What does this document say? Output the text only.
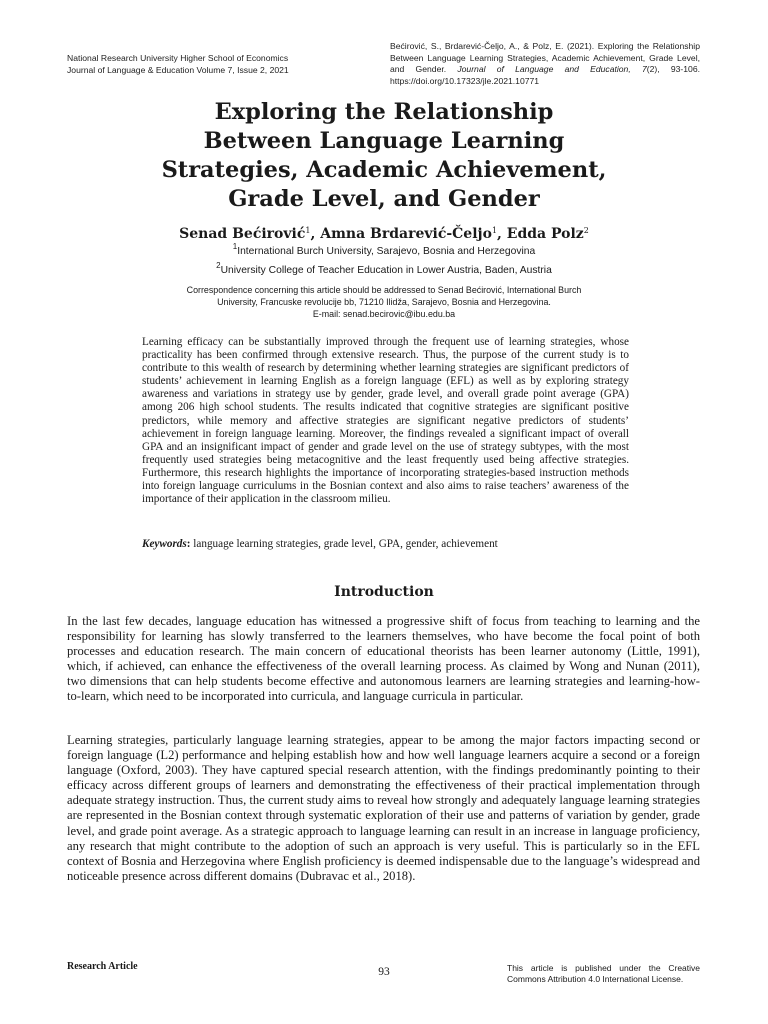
National Research University Higher School of Economics
Journal of Language & Education Volume 7, Issue 2, 2021
Bećirović, S., Brdarević-Čeljo, A., & Polz, E. (2021). Exploring the Relationship Between Language Learning Strategies, Academic Achievement, Grade Level, and Gender. Journal of Language and Education, 7(2), 93-106. https://doi.org/10.17323/jle.2021.10771
Exploring the Relationship
Between Language Learning
Strategies, Academic Achievement,
Grade Level, and Gender
Senad Bećirović$^1$, Amna Brdarević-Čeljo$^1$, Edda Polz$^2$
$^1$International Burch University, Sarajevo, Bosnia and Herzegovina
$^2$University College of Teacher Education in Lower Austria, Baden, Austria
Correspondence concerning this article should be addressed to Senad Bećirović, International Burch
University, Francuske revolucije bb, 71210 Ilidža, Sarajevo, Bosnia and Herzegovina.
E-mail: senad.becirovic@ibu.edu.ba
Learning efficacy can be substantially improved through the frequent use of learning strategies, whose practicality has been confirmed through extensive research. Thus, the purpose of the current study is to contribute to this wealth of research by determining whether learning strategies are significant predictors of students’ achievement in learning English as a foreign language (EFL) as well as by exploring strategy awareness and variations in strategy use by gender, grade level, and overall grade point average (GPA) among 206 high school students. The results indicated that cognitive strategies are significant positive predictors, while memory and affective strategies are significant negative predictors of students’ achievement in foreign language learning. Moreover, the findings revealed a significant impact of overall GPA and an insignificant impact of gender and grade level on the use of strategy subtypes, with the most frequently used strategies being metacognitive and the least frequently used being affective strategies. Furthermore, this research highlights the importance of incorporating strategies-based instruction methods into foreign language curriculums in the Bosnian context and also aims to raise teachers’ awareness of the importance of their application in the classroom milieu.
Keywords: language learning strategies, grade level, GPA, gender, achievement
Introduction

In the last few decades, language education has witnessed a progressive shift of focus from teaching to learning and the responsibility for learning has slowly transferred to the learners themselves, who have become the focal point of both processes and education research. The main concern of educational theorists has been learner autonomy (Little, 1991), which, if achieved, can enhance the effectiveness of the overall learning process. As claimed by Wong and Nunan (2011), two dimensions that can help students become effective and autonomous learners are learning strategies and learning-how-to-learn, which need to be incorporated into curricula, and language curricula in particular.

Learning strategies, particularly language learning strategies, appear to be among the major factors impacting second or foreign language (L2) performance and helping establish how and how well language learners acquire a second or a foreign language (Oxford, 2003). They have captured special research attention, with the findings predominantly pointing to their efficacy across different groups of learners and demonstrating the effectiveness of their practical implementation through adequate strategy instruction. Thus, the current study aims to reveal how strongly and adequately language learning strategies are represented in the Bosnian context through systematic exploration of their use and patterns of variation by gender, grade level, and grade point average. As a strategic approach to language learning can result in an increase in language proficiency, any research that might contribute to the adoption of such an approach is very useful. This is particularly so in the EFL context of Bosnia and Herzegovina where English proficiency is deemed indispensable due to the language’s widespread and noticeable presence across different domains (Dubravac et al., 2018).

Research Article	93	This article is published under the Creative Commons Attribution 4.0 International License.
